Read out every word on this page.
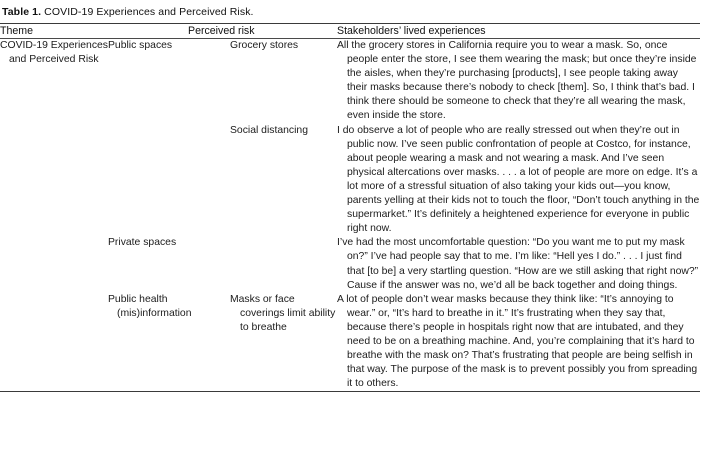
Table 1. COVID-19 Experiences and Perceived Risk.
Theme	Perceived risk	Stakeholders’ lived experiences
COVID-19 Experiences and Perceived Risk	Public spaces	Grocery stores	All the grocery stores in California require you to wear a mask. So, once people enter the store, I see them wearing the mask; but once they’re inside the aisles, when they’re purchasing [products], I see people taking away their masks because there’s nobody to check [them]. So, I think that’s bad. I think there should be someone to check that they’re all wearing the mask, even inside the store.

		Social distancing	I do observe a lot of people who are really stressed out when they’re out in public now. I’ve seen public confrontation of people at Costco, for instance, about people wearing a mask and not wearing a mask. And I’ve seen physical altercations over masks. . . . a lot of people are more on edge. It’s a lot more of a stressful situation of also taking your kids out—you know, parents yelling at their kids not to touch the floor, “Don’t touch anything in the supermarket.” It’s definitely a heightened experience for everyone in public right now.

	Private spaces		I’ve had the most uncomfortable question: “Do you want me to put my mask on?” I’ve had people say that to me. I’m like: “Hell yes I do.” . . . I just find that [to be] a very startling question. “How are we still asking that right now?” Cause if the answer was no, we’d all be back together and doing things.

	Public health (mis)information	Masks or face coverings limit ability to breathe	A lot of people don’t wear masks because they think like: “It’s annoying to wear.” or, “It’s hard to breathe in it.” It’s frustrating when they say that, because there’s people in hospitals right now that are intubated, and they need to be on a breathing machine. And, you’re complaining that it’s hard to breathe with the mask on? That’s frustrating that people are being selfish in that way. The purpose of the mask is to prevent possibly you from spreading it to others.
